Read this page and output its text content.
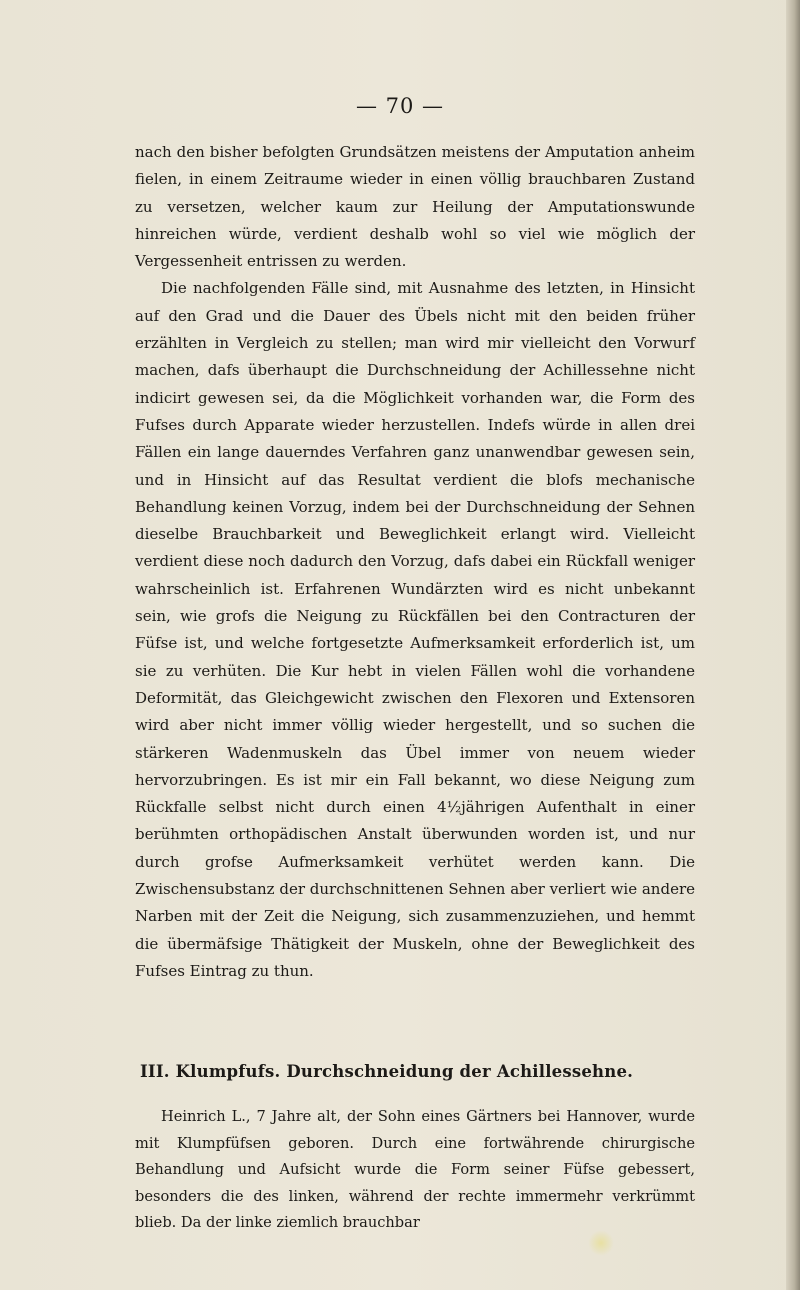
— 70 —

nach den bisher befolgten Grundsätzen meistens der Amputation anheim fielen, in einem Zeitraume wieder in einen völlig brauchbaren Zustand zu versetzen, welcher kaum zur Heilung der Amputationswunde hinreichen würde, verdient deshalb wohl so viel wie möglich der Vergessenheit entrissen zu werden.

Die nachfolgenden Fälle sind, mit Ausnahme des letzten, in Hinsicht auf den Grad und die Dauer des Übels nicht mit den beiden früher erzählten in Vergleich zu stellen; man wird mir vielleicht den Vorwurf machen, dafs überhaupt die Durchschneidung der Achillessehne nicht indicirt gewesen sei, da die Möglichkeit vorhanden war, die Form des Fufses durch Apparate wieder herzustellen. Indefs würde in allen drei Fällen ein lange dauerndes Verfahren ganz unanwendbar gewesen sein, und in Hinsicht auf das Resultat verdient die blofs mechanische Behandlung keinen Vorzug, indem bei der Durchschneidung der Sehnen dieselbe Brauchbarkeit und Beweglichkeit erlangt wird. Vielleicht verdient diese noch dadurch den Vorzug, dafs dabei ein Rückfall weniger wahrscheinlich ist. Erfahrenen Wundärzten wird es nicht unbekannt sein, wie grofs die Neigung zu Rückfällen bei den Contracturen der Füfse ist, und welche fortgesetzte Aufmerksamkeit erforderlich ist, um sie zu verhüten. Die Kur hebt in vielen Fällen wohl die vorhandene Deformität, das Gleichgewicht zwischen den Flexoren und Extensoren wird aber nicht immer völlig wieder hergestellt, und so suchen die stärkeren Wadenmuskeln das Übel immer von neuem wieder hervorzubringen. Es ist mir ein Fall bekannt, wo diese Neigung zum Rückfalle selbst nicht durch einen 4½jährigen Aufenthalt in einer berühmten orthopädischen Anstalt überwunden worden ist, und nur durch grofse Aufmerksamkeit verhütet werden kann. Die Zwischensubstanz der durchschnittenen Sehnen aber verliert wie andere Narben mit der Zeit die Neigung, sich zusammenzuziehen, und hemmt die übermäfsige Thätigkeit der Muskeln, ohne der Beweglichkeit des Fufses Eintrag zu thun.

III. Klumpfufs. Durchschneidung der Achillessehne.

Heinrich L., 7 Jahre alt, der Sohn eines Gärtners bei Hannover, wurde mit Klumpfüfsen geboren. Durch eine fortwährende chirurgische Behandlung und Aufsicht wurde die Form seiner Füfse gebessert, besonders die des linken, während der rechte immermehr verkrümmt blieb. Da der linke ziemlich brauchbar
